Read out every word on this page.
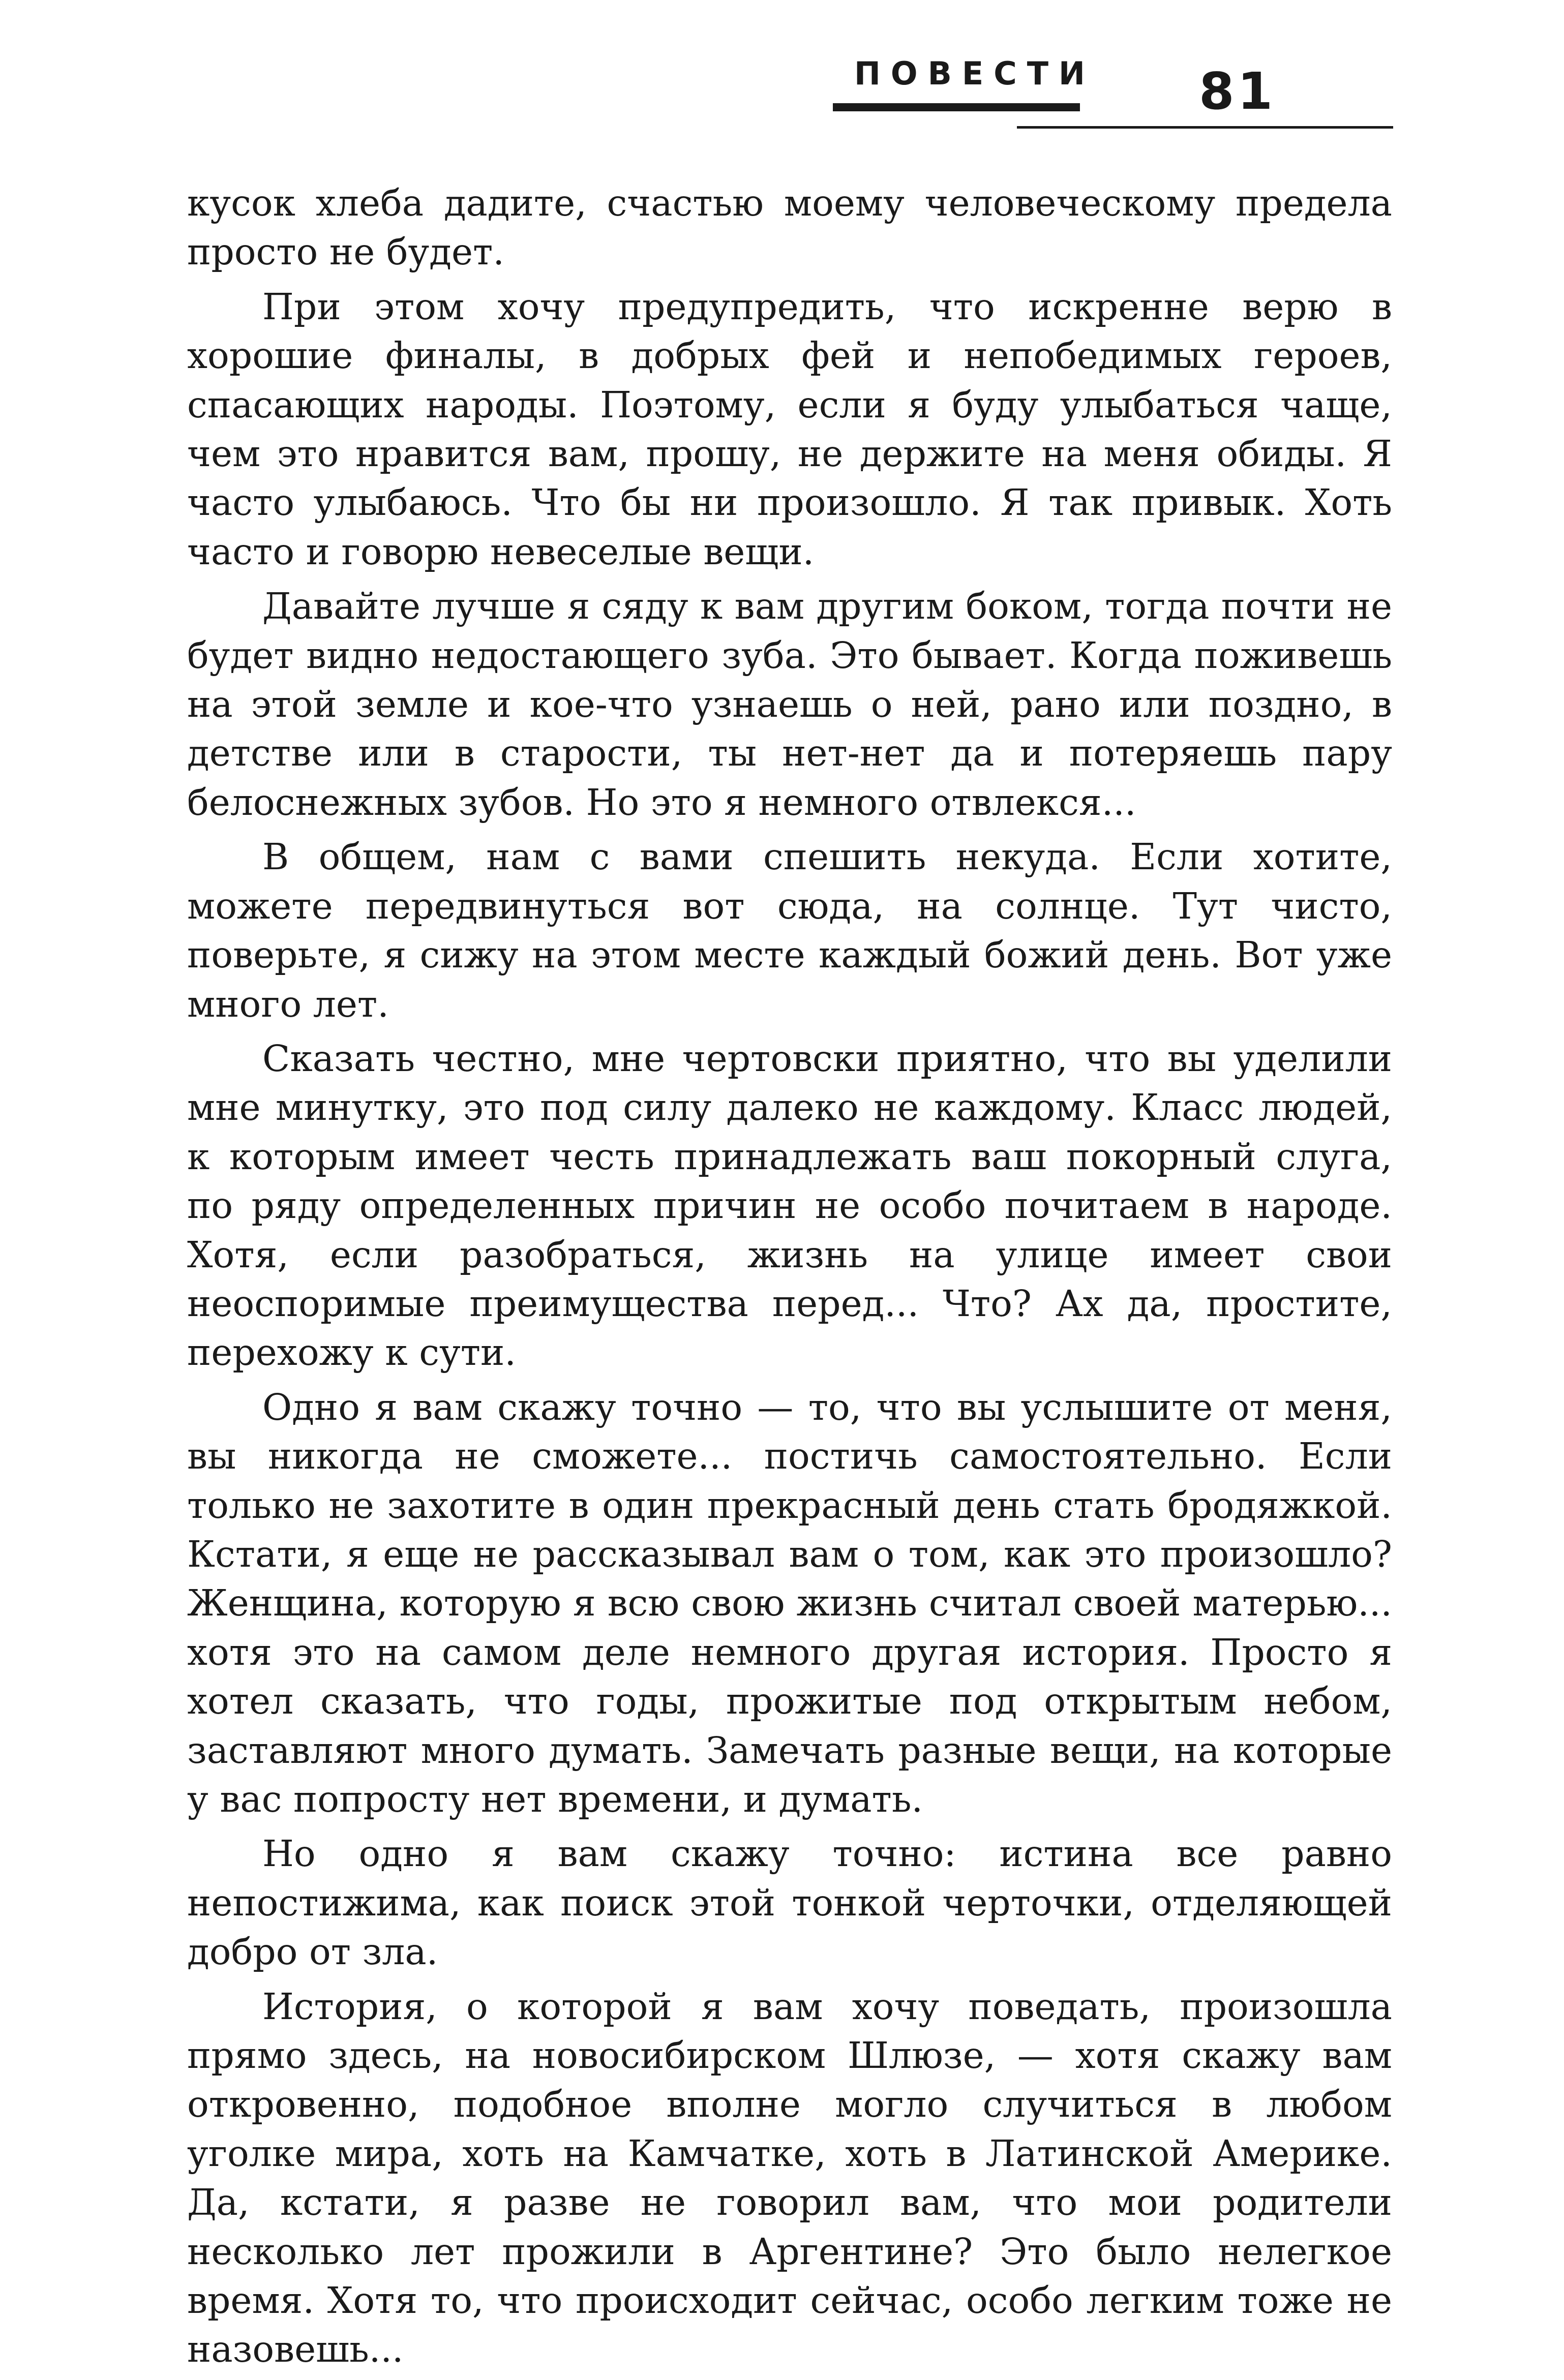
ПОВЕСТИ 81

кусок хлеба дадите, счастью моему человеческому предела просто не будет.

При этом хочу предупредить, что искренне верю в хорошие финалы, в добрых фей и непобедимых героев, спасающих народы. Поэтому, если я буду улыбаться чаще, чем это нравится вам, прошу, не держите на меня обиды. Я часто улыбаюсь. Что бы ни произошло. Я так привык. Хоть часто и говорю невеселые вещи.

Давайте лучше я сяду к вам другим боком, тогда почти не будет видно недостающего зуба. Это бывает. Когда поживешь на этой земле и кое-что узнаешь о ней, рано или поздно, в детстве или в старости, ты нет-нет да и потеряешь пару белоснежных зубов. Но это я немного отвлекся...

В общем, нам с вами спешить некуда. Если хотите, можете передвинуться вот сюда, на солнце. Тут чисто, поверьте, я сижу на этом месте каждый божий день. Вот уже много лет.

Сказать честно, мне чертовски приятно, что вы уделили мне минутку, это под силу далеко не каждому. Класс людей, к которым имеет честь принадлежать ваш покорный слуга, по ряду определенных причин не особо почитаем в народе. Хотя, если разобраться, жизнь на улице имеет свои неоспоримые преимущества перед... Что? Ах да, простите, перехожу к сути.

Одно я вам скажу точно — то, что вы услышите от меня, вы никогда не сможете... постичь самостоятельно. Если только не захотите в один прекрасный день стать бродяжкой. Кстати, я еще не рассказывал вам о том, как это произошло? Женщина, которую я всю свою жизнь считал своей матерью... хотя это на самом деле немного другая история. Просто я хотел сказать, что годы, прожитые под открытым небом, заставляют много думать. Замечать разные вещи, на которые у вас попросту нет времени, и думать.

Но одно я вам скажу точно: истина все равно непостижима, как поиск этой тонкой черточки, отделяющей добро от зла.

История, о которой я вам хочу поведать, произошла прямо здесь, на новосибирском Шлюзе, — хотя скажу вам откровенно, подобное вполне могло случиться в любом уголке мира, хоть на Камчатке, хоть в Латинской Америке. Да, кстати, я разве не говорил вам, что мои родители несколько лет прожили в Аргентине? Это было нелегкое время. Хотя то, что происходит сейчас, особо легким тоже не назовешь...
